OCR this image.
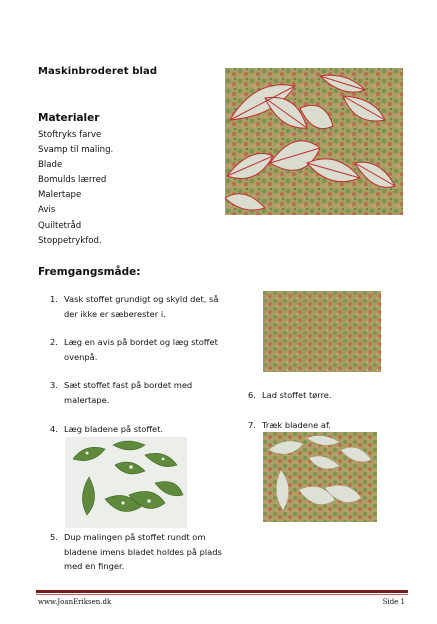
Maskinbroderet blad
Materialer
Stoftryks farve
Svamp til maling.
Blade
Bomulds lærred
Malertape
Avis
Quiltetråd
Stoppetrykfod.
Fremgangsmåde:
1. Vask stoffet grundigt og skyld det, så der ikke er sæberester i.
2. Læg en avis på bordet og læg stoffet ovenpå.
3. Sæt stoffet fast på bordet med malertape.
4. Læg bladene på stoffet.
5. Dup malingen på stoffet rundt om bladene imens bladet holdes på plads med en finger.
6. Lad stoffet tørre.
7. Træk bladene af.
www.JoanEriksen.dk	Side 1
